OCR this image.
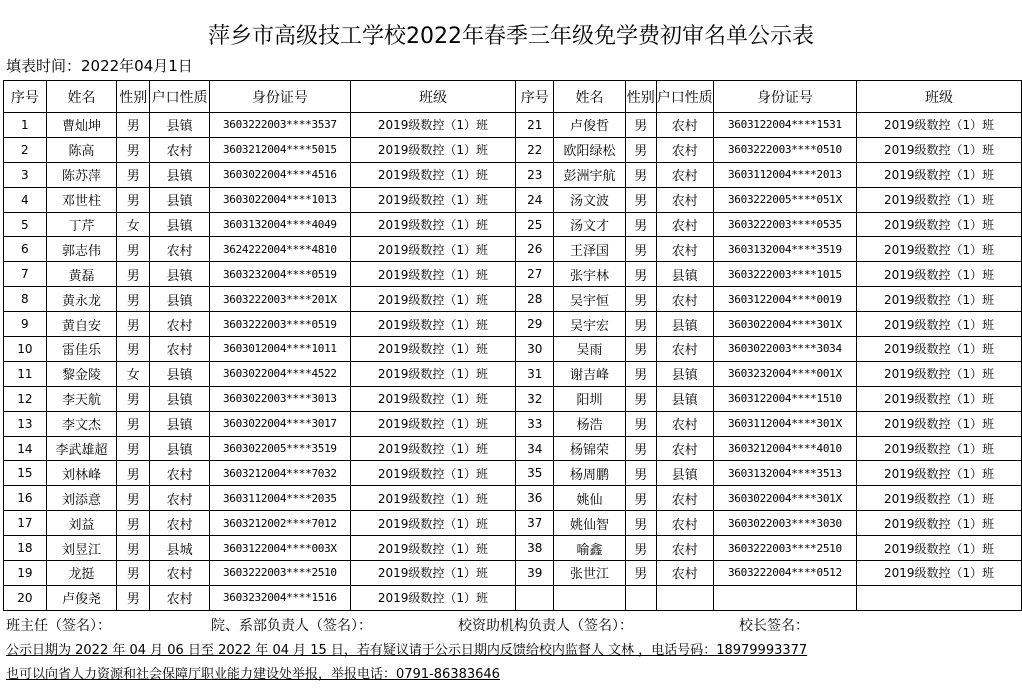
萍乡市高级技工学校2022年春季三年级免学费初审名单公示表
填表时间：2022年04月1日
序号	姓名	性别	户口性质	身份证号	班级	序号	姓名	性别	户口性质	身份证号	班级
1	曹灿坤	男	县镇	3603222003****3537	2019级数控（1）班	21	卢俊哲	男	农村	3603122004****1531	2019级数控（1）班
2	陈高	男	农村	3603212004****5015	2019级数控（1）班	22	欧阳绿松	男	农村	3603222003****0510	2019级数控（1）班
3	陈苏萍	男	县镇	3603022004****4516	2019级数控（1）班	23	彭洲宇航	男	农村	3603112004****2013	2019级数控（1）班
4	邓世柱	男	县镇	3603022004****1013	2019级数控（1）班	24	汤文波	男	农村	3603222005****051X	2019级数控（1）班
5	丁芹	女	县镇	3603132004****4049	2019级数控（1）班	25	汤文才	男	农村	3603222003****0535	2019级数控（1）班
6	郭志伟	男	农村	3624222004****4810	2019级数控（1）班	26	王泽国	男	农村	3603132004****3519	2019级数控（1）班
7	黄磊	男	县镇	3603232004****0519	2019级数控（1）班	27	张宇林	男	县镇	3603222003****1015	2019级数控（1）班
8	黄永龙	男	县镇	3603222003****201X	2019级数控（1）班	28	吴宇恒	男	农村	3603122004****0019	2019级数控（1）班
9	黄自安	男	农村	3603222003****0519	2019级数控（1）班	29	吴宇宏	男	县镇	3603022004****301X	2019级数控（1）班
10	雷佳乐	男	农村	3603012004****1011	2019级数控（1）班	30	吴雨	男	农村	3603022003****3034	2019级数控（1）班
11	黎金陵	女	县镇	3603022004****4522	2019级数控（1）班	31	谢吉峰	男	县镇	3603232004****001X	2019级数控（1）班
12	李天航	男	县镇	3603022003****3013	2019级数控（1）班	32	阳圳	男	县镇	3603122004****1510	2019级数控（1）班
13	李文杰	男	县镇	3603022004****3017	2019级数控（1）班	33	杨浩	男	农村	3603112004****301X	2019级数控（1）班
14	李武雄超	男	县镇	3603022005****3519	2019级数控（1）班	34	杨锦荣	男	农村	3603212004****4010	2019级数控（1）班
15	刘林峰	男	农村	3603212004****7032	2019级数控（1）班	35	杨周鹏	男	县镇	3603132004****3513	2019级数控（1）班
16	刘添意	男	农村	3603112004****2035	2019级数控（1）班	36	姚仙	男	农村	3603022004****301X	2019级数控（1）班
17	刘益	男	农村	3603212002****7012	2019级数控（1）班	37	姚仙智	男	农村	3603022003****3030	2019级数控（1）班
18	刘昱江	男	县城	3603122004****003X	2019级数控（1）班	38	喻鑫	男	农村	3603222003****2510	2019级数控（1）班
19	龙挺	男	农村	3603222003****2510	2019级数控（1）班	39	张世江	男	农村	3603222004****0512	2019级数控（1）班
20	卢俊尧	男	农村	3603232004****1516	2019级数控（1）班						
班主任（签名）：	院、系部负责人（签名）：	校资助机构负责人（签名）：	校长签名：
公示日期为 2022 年 04 月 06 日至 2022 年 04 月 15 日，若有疑议请于公示日期内反馈给校内监督人 文林 ，电话号码：18979993377
也可以向省人力资源和社会保障厅职业能力建设处举报，举报电话：0791-86383646
